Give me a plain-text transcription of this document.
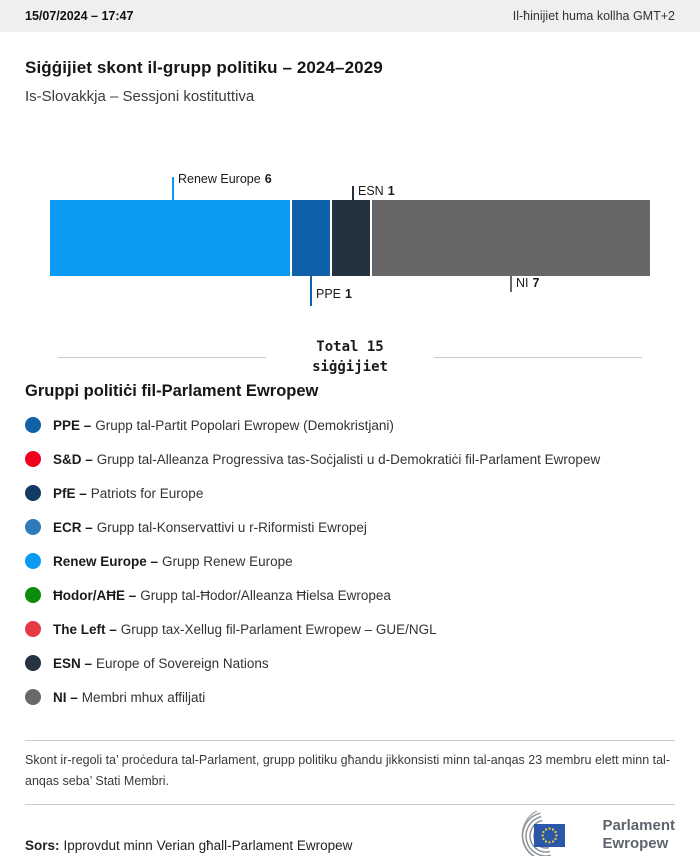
15/07/2024 – 17:47	Il-ħinijiet huma kollha GMT+2
Siġġijiet skont il-grupp politiku – 2024–2029
Is-Slovakkja – Sessjoni kostituttiva
Renew Europe 6
ESN 1
PPE 1
NI 7
Total 15
siġġijiet
Gruppi politiċi fil-Parlament Ewropew
PPE – Grupp tal-Partit Popolari Ewropew (Demokristjani)
S&D – Grupp tal-Alleanza Progressiva tas-Soċjalisti u d-Demokratiċi fil-Parlament Ewropew
PfE – Patriots for Europe
ECR – Grupp tal-Konservattivi u r-Riformisti Ewropej
Renew Europe – Grupp Renew Europe
Ħodor/AĦE – Grupp tal-Ħodor/Alleanza Ħielsa Ewropea
The Left – Grupp tax-Xellug fil-Parlament Ewropew – GUE/NGL
ESN – Europe of Sovereign Nations
NI – Membri mhux affiljati

Skont ir-regoli ta’ proċedura tal-Parlament, grupp politiku għandu jikkonsisti minn tal-anqas 23 membru elett minn tal-anqas seba’ Stati Membri.

Sors: Ipprovdut minn Verian għall-Parlament Ewropew

Parlament
Ewropew
